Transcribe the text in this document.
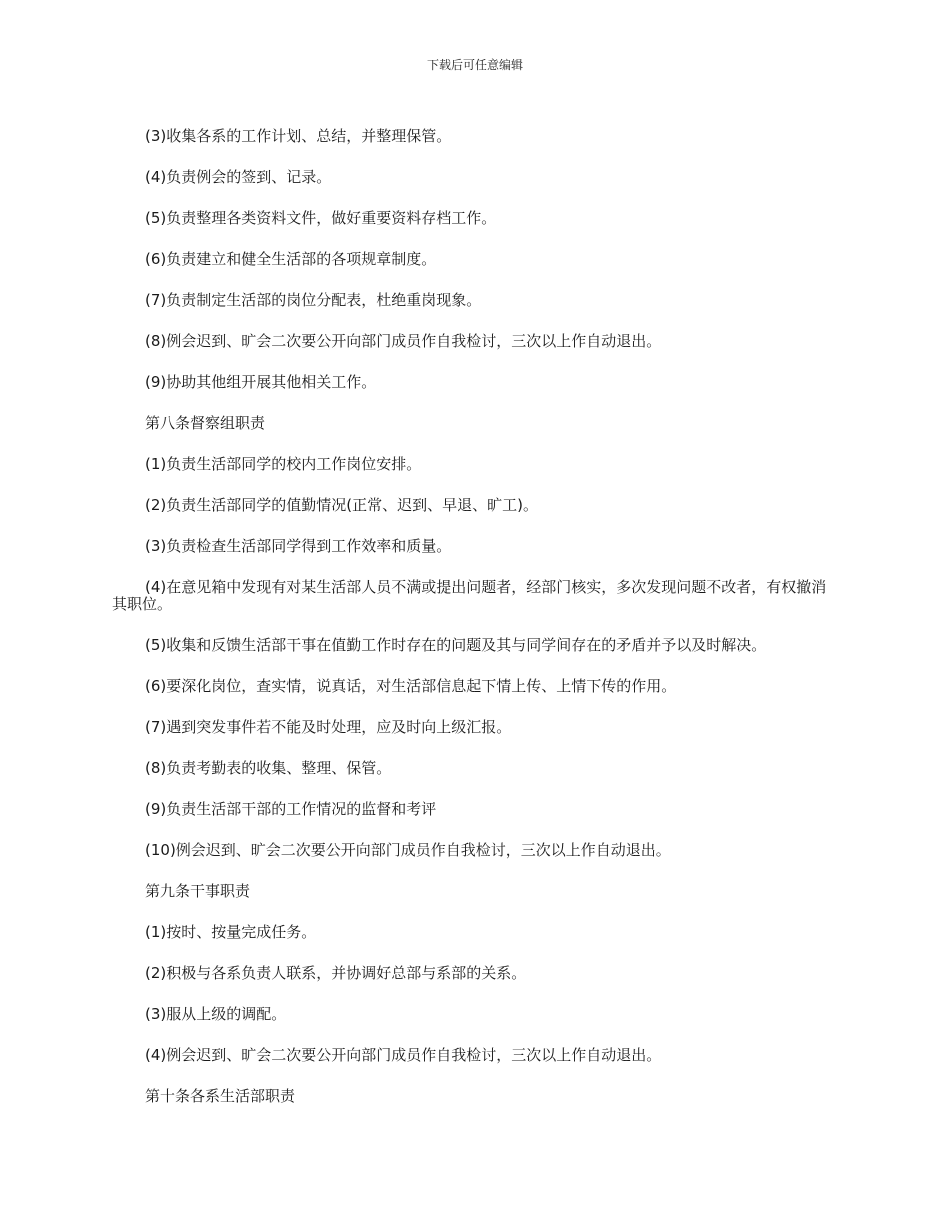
下载后可任意编辑

(3)收集各系的工作计划、总结，并整理保管。

(4)负责例会的签到、记录。

(5)负责整理各类资料文件，做好重要资料存档工作。

(6)负责建立和健全生活部的各项规章制度。

(7)负责制定生活部的岗位分配表，杜绝重岗现象。

(8)例会迟到、旷会二次要公开向部门成员作自我检讨，三次以上作自动退出。

(9)协助其他组开展其他相关工作。

第八条督察组职责

(1)负责生活部同学的校内工作岗位安排。

(2)负责生活部同学的值勤情况(正常、迟到、早退、旷工)。

(3)负责检查生活部同学得到工作效率和质量。

(4)在意见箱中发现有对某生活部人员不满或提出问题者，经部门核实，多次发现问题不改者，有权撤消其职位。

(5)收集和反馈生活部干事在值勤工作时存在的问题及其与同学间存在的矛盾并予以及时解决。

(6)要深化岗位，查实情，说真话，对生活部信息起下情上传、上情下传的作用。

(7)遇到突发事件若不能及时处理，应及时向上级汇报。

(8)负责考勤表的收集、整理、保管。

(9)负责生活部干部的工作情况的监督和考评

(10)例会迟到、旷会二次要公开向部门成员作自我检讨，三次以上作自动退出。

第九条干事职责

(1)按时、按量完成任务。

(2)积极与各系负责人联系，并协调好总部与系部的关系。

(3)服从上级的调配。

(4)例会迟到、旷会二次要公开向部门成员作自我检讨，三次以上作自动退出。

第十条各系生活部职责
